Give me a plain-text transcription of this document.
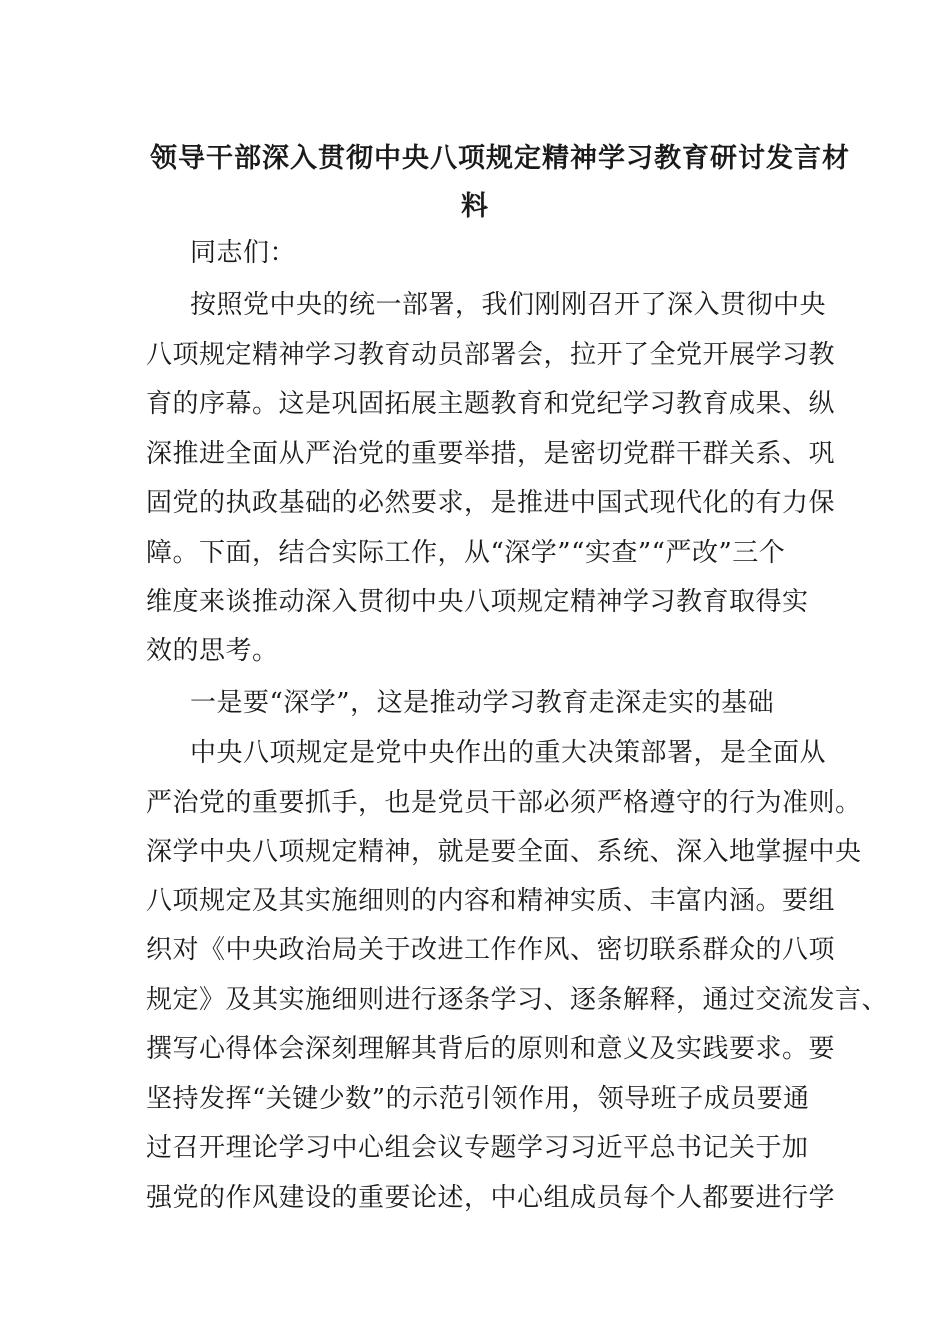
领导干部深入贯彻中央八项规定精神学习教育研讨发言材
料
同志们：
按照党中央的统一部署，我们刚刚召开了深入贯彻中央
八项规定精神学习教育动员部署会，拉开了全党开展学习教
育的序幕。这是巩固拓展主题教育和党纪学习教育成果、纵
深推进全面从严治党的重要举措，是密切党群干群关系、巩
固党的执政基础的必然要求，是推进中国式现代化的有力保
障。下面，结合实际工作，从“深学”“实查”“严改”三个
维度来谈推动深入贯彻中央八项规定精神学习教育取得实
效的思考。
一是要“深学”，这是推动学习教育走深走实的基础
中央八项规定是党中央作出的重大决策部署，是全面从
严治党的重要抓手，也是党员干部必须严格遵守的行为准则。
深学中央八项规定精神，就是要全面、系统、深入地掌握中央
八项规定及其实施细则的内容和精神实质、丰富内涵。要组
织对《中央政治局关于改进工作作风、密切联系群众的八项
规定》及其实施细则进行逐条学习、逐条解释，通过交流发言、
撰写心得体会深刻理解其背后的原则和意义及实践要求。要
坚持发挥“关键少数”的示范引领作用，领导班子成员要通
过召开理论学习中心组会议专题学习习近平总书记关于加
强党的作风建设的重要论述，中心组成员每个人都要进行学
